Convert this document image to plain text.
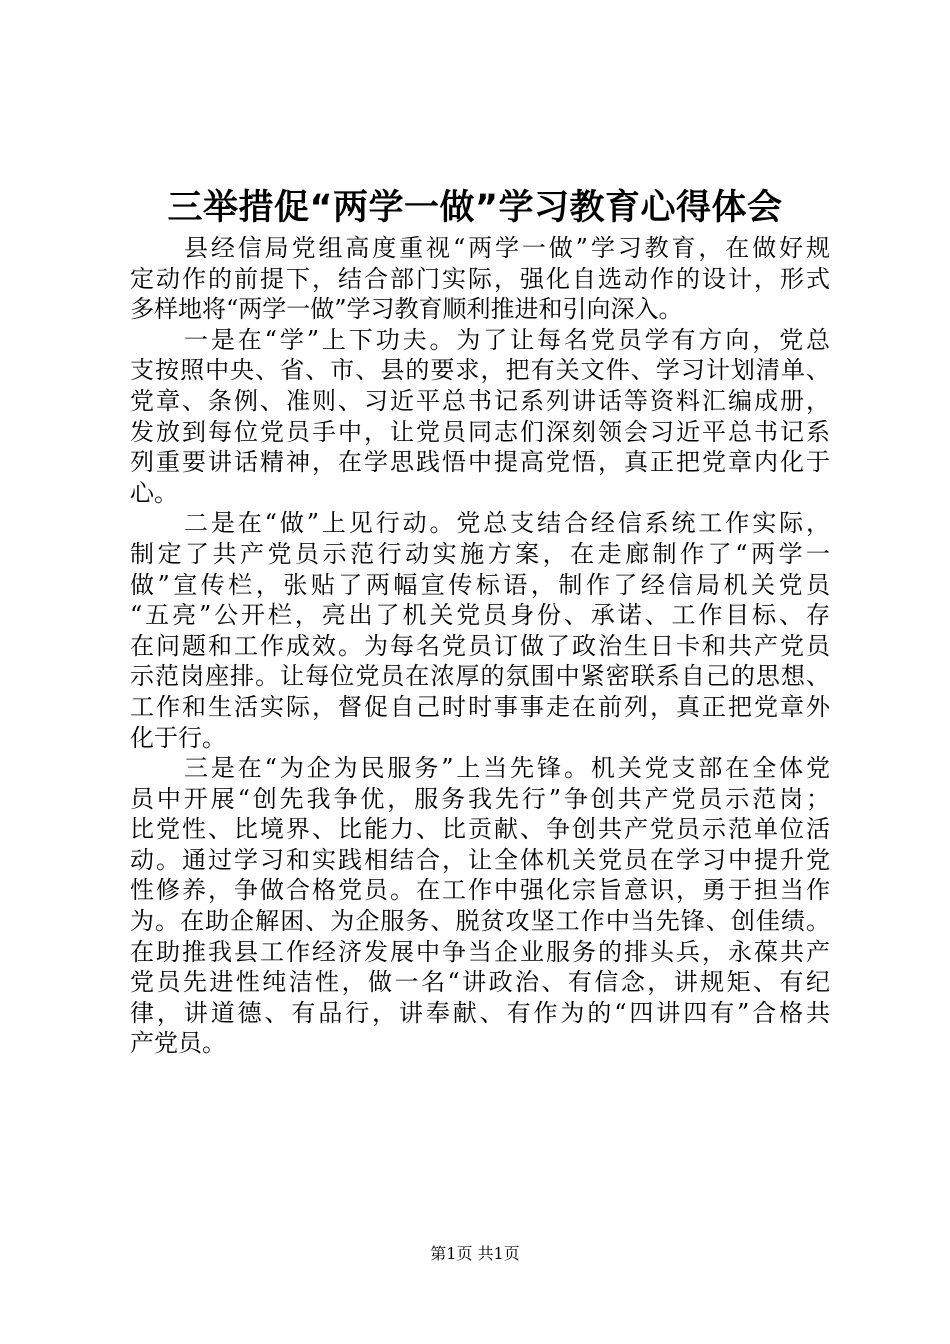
三举措促“两学一做”学习教育心得体会
县经信局党组高度重视“两学一做”学习教育，在做好规
定动作的前提下，结合部门实际，强化自选动作的设计，形式
多样地将“两学一做”学习教育顺利推进和引向深入。
一是在“学”上下功夫。为了让每名党员学有方向，党总
支按照中央、省、市、县的要求，把有关文件、学习计划清单、
党章、条例、准则、习近平总书记系列讲话等资料汇编成册，
发放到每位党员手中，让党员同志们深刻领会习近平总书记系
列重要讲话精神，在学思践悟中提高党悟，真正把党章内化于
心。
二是在“做”上见行动。党总支结合经信系统工作实际，
制定了共产党员示范行动实施方案，在走廊制作了“两学一
做”宣传栏，张贴了两幅宣传标语，制作了经信局机关党员
“五亮”公开栏，亮出了机关党员身份、承诺、工作目标、存
在问题和工作成效。为每名党员订做了政治生日卡和共产党员
示范岗座排。让每位党员在浓厚的氛围中紧密联系自己的思想、
工作和生活实际，督促自己时时事事走在前列，真正把党章外
化于行。
三是在“为企为民服务”上当先锋。机关党支部在全体党
员中开展“创先我争优，服务我先行”争创共产党员示范岗；
比党性、比境界、比能力、比贡献、争创共产党员示范单位活
动。通过学习和实践相结合，让全体机关党员在学习中提升党
性修养，争做合格党员。在工作中强化宗旨意识，勇于担当作
为。在助企解困、为企服务、脱贫攻坚工作中当先锋、创佳绩。
在助推我县工作经济发展中争当企业服务的排头兵，永葆共产
党员先进性纯洁性，做一名“讲政治、有信念，讲规矩、有纪
律，讲道德、有品行，讲奉献、有作为的“四讲四有”合格共
产党员。
第1页 共1页
